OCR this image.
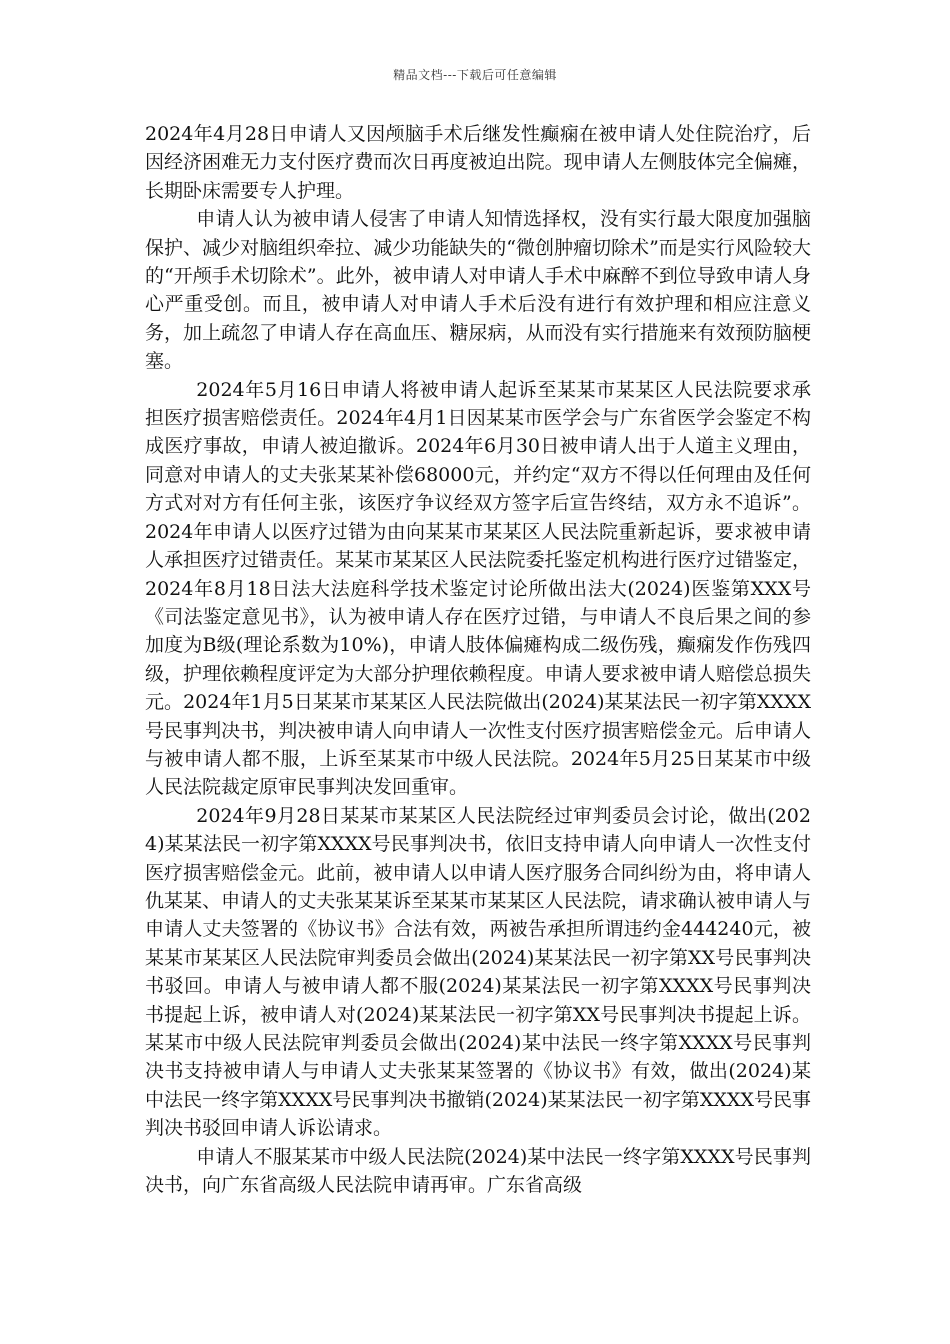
精品文档---下载后可任意编辑

2024年4月28日申请人又因颅脑手术后继发性癫痫在被申请人处住院治疗，后因经济困难无力支付医疗费而次日再度被迫出院。现申请人左侧肢体完全偏瘫，长期卧床需要专人护理。

申请人认为被申请人侵害了申请人知情选择权，没有实行最大限度加强脑保护、减少对脑组织牵拉、减少功能缺失的“微创肿瘤切除术”而是实行风险较大的“开颅手术切除术”。此外，被申请人对申请人手术中麻醉不到位导致申请人身心严重受创。而且，被申请人对申请人手术后没有进行有效护理和相应注意义务，加上疏忽了申请人存在高血压、糖尿病，从而没有实行措施来有效预防脑梗塞。

2024年5月16日申请人将被申请人起诉至某某市某某区人民法院要求承担医疗损害赔偿责任。2024年4月1日因某某市医学会与广东省医学会鉴定不构成医疗事故，申请人被迫撤诉。2024年6月30日被申请人出于人道主义理由，同意对申请人的丈夫张某某补偿68000元，并约定“双方不得以任何理由及任何方式对对方有任何主张，该医疗争议经双方签字后宣告终结，双方永不追诉”。2024年申请人以医疗过错为由向某某市某某区人民法院重新起诉，要求被申请人承担医疗过错责任。某某市某某区人民法院委托鉴定机构进行医疗过错鉴定，2024年8月18日法大法庭科学技术鉴定讨论所做出法大(2024)医鉴第XXX号《司法鉴定意见书》，认为被申请人存在医疗过错，与申请人不良后果之间的参加度为B级(理论系数为10%)，申请人肢体偏瘫构成二级伤残，癫痫发作伤残四级，护理依赖程度评定为大部分护理依赖程度。申请人要求被申请人赔偿总损失元。2024年1月5日某某市某某区人民法院做出(2024)某某法民一初字第XXXX号民事判决书，判决被申请人向申请人一次性支付医疗损害赔偿金元。后申请人与被申请人都不服，上诉至某某市中级人民法院。2024年5月25日某某市中级人民法院裁定原审民事判决发回重审。

2024年9月28日某某市某某区人民法院经过审判委员会讨论，做出(2024)某某法民一初字第XXXX号民事判决书，依旧支持申请人向申请人一次性支付医疗损害赔偿金元。此前，被申请人以申请人医疗服务合同纠纷为由，将申请人仇某某、申请人的丈夫张某某诉至某某市某某区人民法院，请求确认被申请人与申请人丈夫签署的《协议书》合法有效，两被告承担所谓违约金444240元，被某某市某某区人民法院审判委员会做出(2024)某某法民一初字第XX号民事判决书驳回。申请人与被申请人都不服(2024)某某法民一初字第XXXX号民事判决书提起上诉，被申请人对(2024)某某法民一初字第XX号民事判决书提起上诉。某某市中级人民法院审判委员会做出(2024)某中法民一终字第XXXX号民事判决书支持被申请人与申请人丈夫张某某签署的《协议书》有效，做出(2024)某中法民一终字第XXXX号民事判决书撤销(2024)某某法民一初字第XXXX号民事判决书驳回申请人诉讼请求。

申请人不服某某市中级人民法院(2024)某中法民一终字第XXXX号民事判决书，向广东省高级人民法院申请再审。广东省高级
